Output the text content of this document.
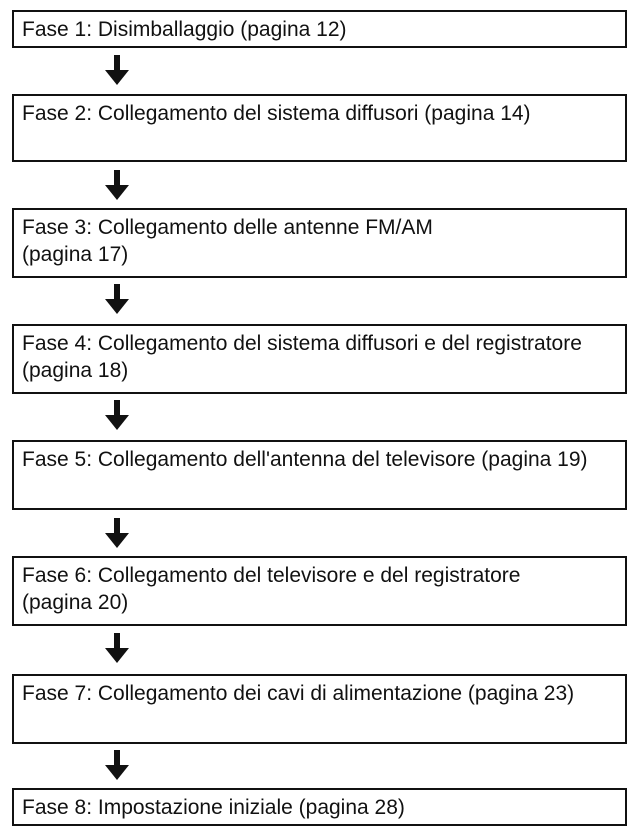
Fase 1: Disimballaggio (pagina 12)
Fase 2: Collegamento del sistema diffusori (pagina 14)
Fase 3: Collegamento delle antenne FM/AM (pagina 17)
Fase 4: Collegamento del sistema diffusori e del registratore (pagina 18)
Fase 5: Collegamento dell'antenna del televisore (pagina 19)
Fase 6: Collegamento del televisore e del registratore (pagina 20)
Fase 7: Collegamento dei cavi di alimentazione (pagina 23)
Fase 8: Impostazione iniziale (pagina 28)
